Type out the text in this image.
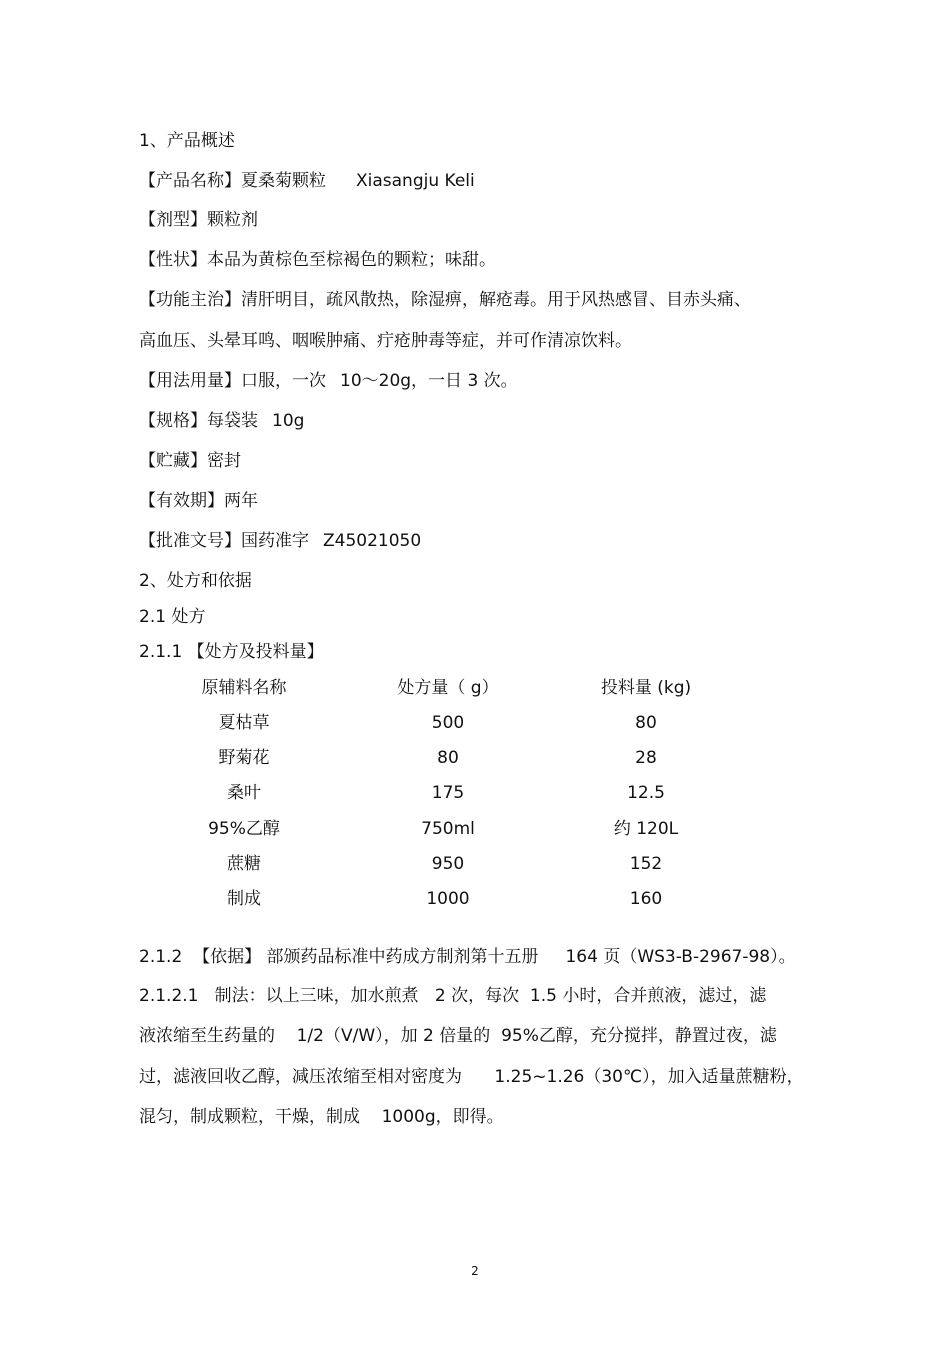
1、产品概述
【产品名称】夏桑菊颗粒 Xiasangju Keli
【剂型】颗粒剂
【性状】本品为黄棕色至棕褐色的颗粒；味甜。
【功能主治】清肝明目，疏风散热，除湿痹，解疮毒。用于风热感冒、目赤头痛、
高血压、头晕耳鸣、咽喉肿痛、疔疮肿毒等症，并可作清凉饮料。
【用法用量】口服，一次 10～20g，一日 3 次。
【规格】每袋装 10g
【贮藏】密封
【有效期】两年
【批准文号】国药准字 Z45021050
2、处方和依据
2.1 处方
2.1.1 【处方及投料量】
原辅料名称	处方量（ g）	投料量 (kg)
夏枯草	500	80
野菊花	80	28
桑叶	175	12.5
95%乙醇	750ml	约 120L
蔗糖	950	152
制成	1000	160
2.1.2  【依据】 部颁药品标准中药成方制剂第十五册     164 页（WS3-B-2967-98）。
2.1.2.1   制法：以上三味，加水煎煮   2 次，每次  1.5 小时，合并煎液，滤过，滤
液浓缩至生药量的    1/2（V/W），加 2 倍量的  95%乙醇，充分搅拌，静置过夜，滤
过，滤液回收乙醇，减压浓缩至相对密度为      1.25~1.26（30℃），加入适量蔗糖粉，
混匀，制成颗粒，干燥，制成    1000g，即得。
2
